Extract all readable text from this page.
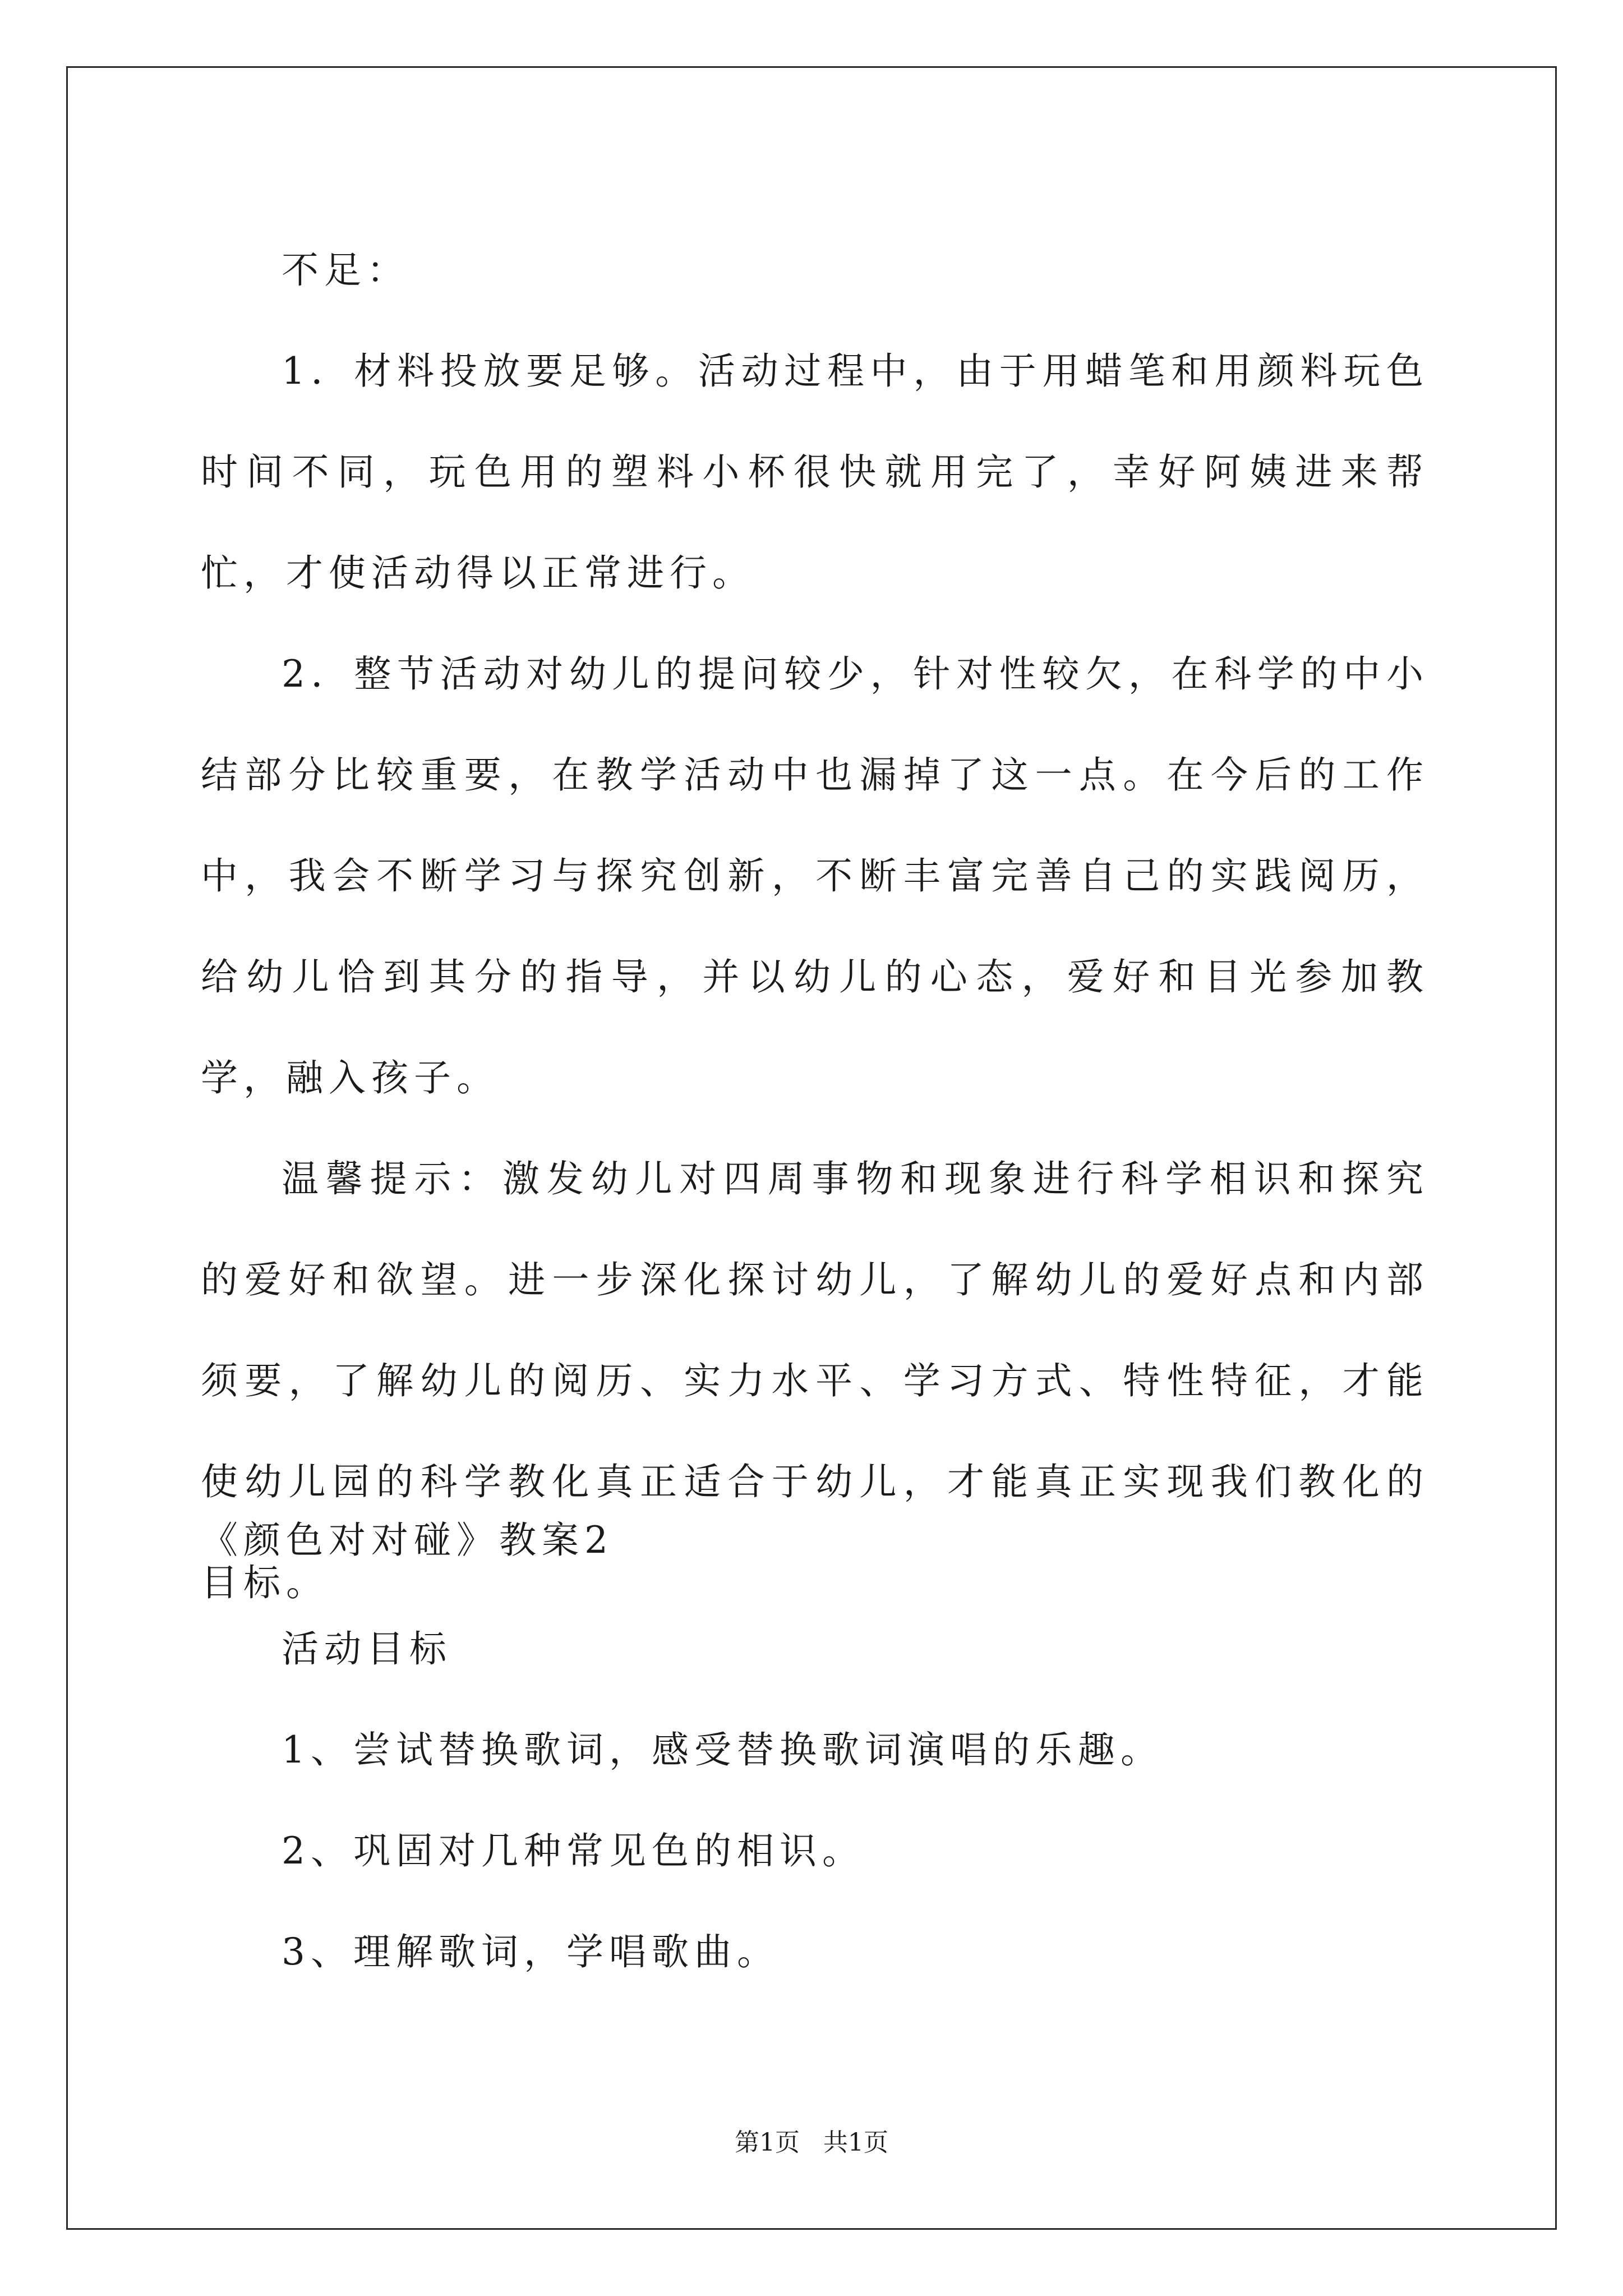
不足：

1．材料投放要足够。活动过程中，由于用蜡笔和用颜料玩色时间不同，玩色用的塑料小杯很快就用完了，幸好阿姨进来帮忙，才使活动得以正常进行。

2．整节活动对幼儿的提问较少，针对性较欠，在科学的中小结部分比较重要，在教学活动中也漏掉了这一点。在今后的工作中，我会不断学习与探究创新，不断丰富完善自己的实践阅历，给幼儿恰到其分的指导，并以幼儿的心态，爱好和目光参加教学，融入孩子。

温馨提示：激发幼儿对四周事物和现象进行科学相识和探究的爱好和欲望。进一步深化探讨幼儿，了解幼儿的爱好点和内部须要，了解幼儿的阅历、实力水平、学习方式、特性特征，才能使幼儿园的科学教化真正适合于幼儿，才能真正实现我们教化的目标。

《颜色对对碰》教案2

活动目标

1、尝试替换歌词，感受替换歌词演唱的乐趣。

2、巩固对几种常见色的相识。

3、理解歌词，学唱歌曲。

第1页 共1页
